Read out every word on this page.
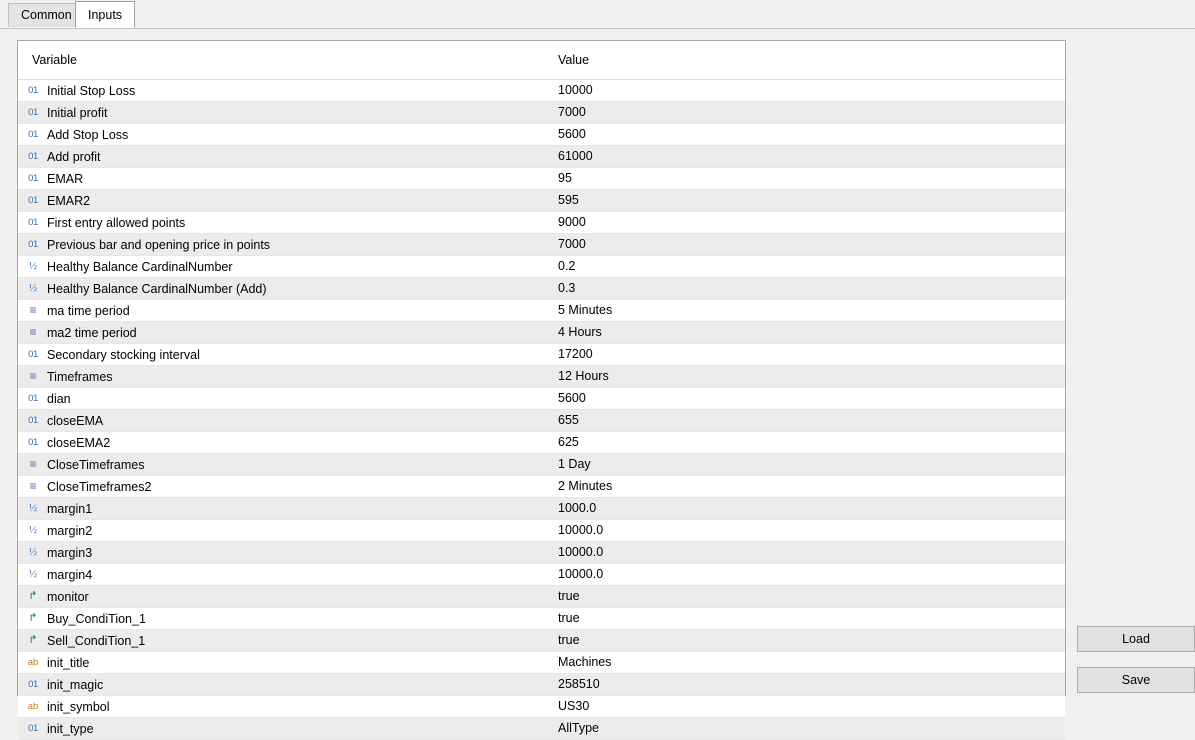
Common	Inputs
Variable	Value

01 Initial Stop Loss	10000

01 Initial profit	7000

01 Add Stop Loss	5600

01 Add profit	61000

01 EMAR	95

01 EMAR2	595

01 First entry allowed points	9000

01 Previous bar and opening price in points	7000

½ Healthy Balance CardinalNumber	0.2

½ Healthy Balance CardinalNumber (Add)	0.3

≡ ma time period	5 Minutes

≡ ma2 time period	4 Hours

01 Secondary stocking interval	17200

≡ Timeframes	12 Hours

01 dian	5600

01 closeEMA	655

01 closeEMA2	625

≡ CloseTimeframes	1 Day

≡ CloseTimeframes2	2 Minutes

½ margin1	1000.0

½ margin2	10000.0

½ margin3	10000.0

½ margin4	10000.0

↱ monitor	true

↱ Buy_CondiTion_1	true

↱ Sell_CondiTion_1	true

ab init_title	Machines

01 init_magic	258510

ab init_symbol	US30

01 init_type	AllType
Load
Save
